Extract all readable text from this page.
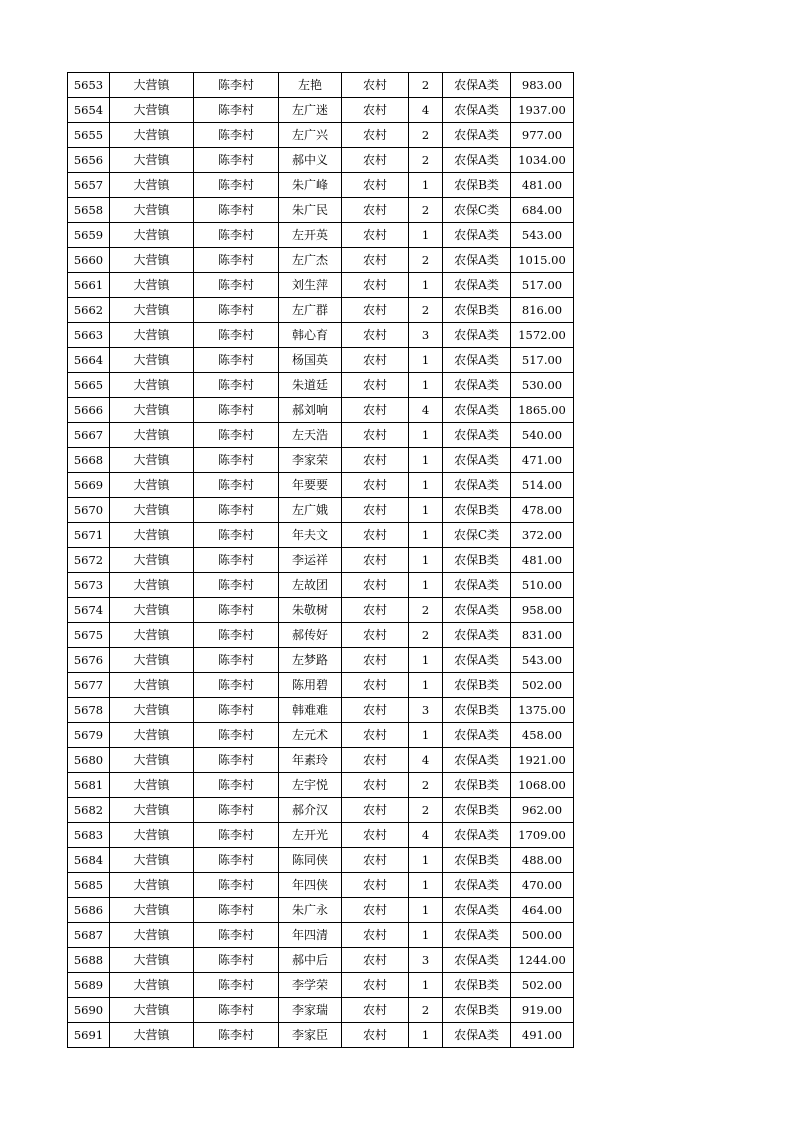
5653	大营镇	陈李村	左艳	农村	2	农保A类	983.00
5654	大营镇	陈李村	左广迷	农村	4	农保A类	1937.00
5655	大营镇	陈李村	左广兴	农村	2	农保A类	977.00
5656	大营镇	陈李村	郝中义	农村	2	农保A类	1034.00
5657	大营镇	陈李村	朱广峰	农村	1	农保B类	481.00
5658	大营镇	陈李村	朱广民	农村	2	农保C类	684.00
5659	大营镇	陈李村	左开英	农村	1	农保A类	543.00
5660	大营镇	陈李村	左广杰	农村	2	农保A类	1015.00
5661	大营镇	陈李村	刘生萍	农村	1	农保A类	517.00
5662	大营镇	陈李村	左广群	农村	2	农保B类	816.00
5663	大营镇	陈李村	韩心育	农村	3	农保A类	1572.00
5664	大营镇	陈李村	杨国英	农村	1	农保A类	517.00
5665	大营镇	陈李村	朱道廷	农村	1	农保A类	530.00
5666	大营镇	陈李村	郝刘响	农村	4	农保A类	1865.00
5667	大营镇	陈李村	左天浩	农村	1	农保A类	540.00
5668	大营镇	陈李村	李家荣	农村	1	农保A类	471.00
5669	大营镇	陈李村	年要要	农村	1	农保A类	514.00
5670	大营镇	陈李村	左广娥	农村	1	农保B类	478.00
5671	大营镇	陈李村	年夫文	农村	1	农保C类	372.00
5672	大营镇	陈李村	李运祥	农村	1	农保B类	481.00
5673	大营镇	陈李村	左故团	农村	1	农保A类	510.00
5674	大营镇	陈李村	朱敬树	农村	2	农保A类	958.00
5675	大营镇	陈李村	郝传好	农村	2	农保A类	831.00
5676	大营镇	陈李村	左梦路	农村	1	农保A类	543.00
5677	大营镇	陈李村	陈用碧	农村	1	农保B类	502.00
5678	大营镇	陈李村	韩难难	农村	3	农保B类	1375.00
5679	大营镇	陈李村	左元术	农村	1	农保A类	458.00
5680	大营镇	陈李村	年素玲	农村	4	农保A类	1921.00
5681	大营镇	陈李村	左宇悦	农村	2	农保B类	1068.00
5682	大营镇	陈李村	郝介汉	农村	2	农保B类	962.00
5683	大营镇	陈李村	左开光	农村	4	农保A类	1709.00
5684	大营镇	陈李村	陈同侠	农村	1	农保B类	488.00
5685	大营镇	陈李村	年四侠	农村	1	农保A类	470.00
5686	大营镇	陈李村	朱广永	农村	1	农保A类	464.00
5687	大营镇	陈李村	年四清	农村	1	农保A类	500.00
5688	大营镇	陈李村	郝中后	农村	3	农保A类	1244.00
5689	大营镇	陈李村	李学荣	农村	1	农保B类	502.00
5690	大营镇	陈李村	李家瑞	农村	2	农保B类	919.00
5691	大营镇	陈李村	李家臣	农村	1	农保A类	491.00
